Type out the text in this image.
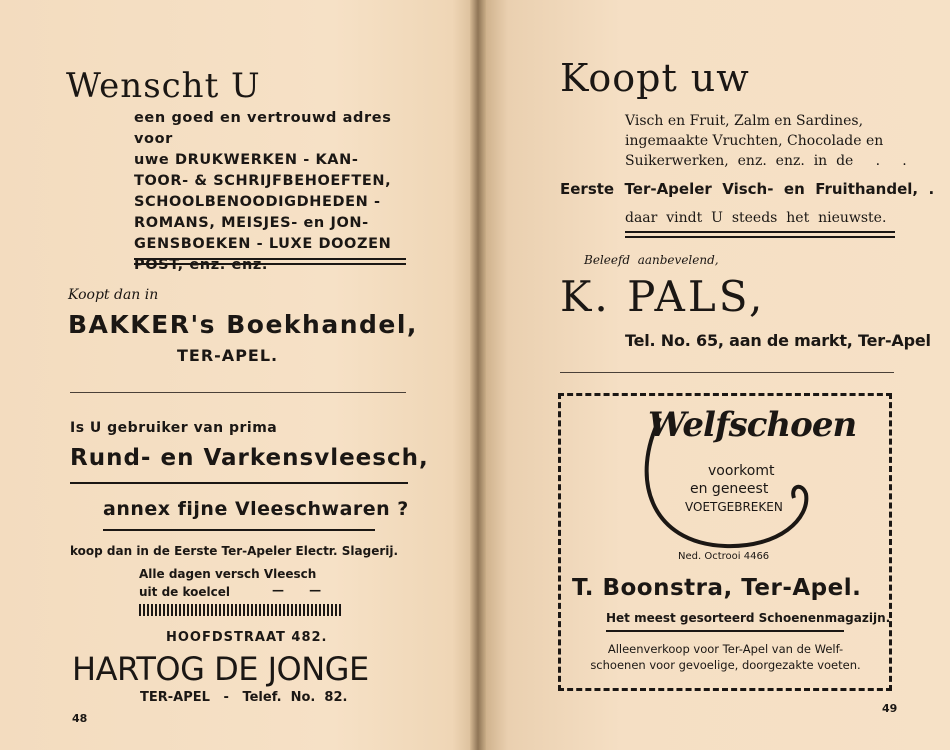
Wenscht U
een goed en vertrouwd adres voor
uwe DRUKWERKEN - KAN-
TOOR- & SCHRIJFBEHOEFTEN,
SCHOOLBENOODIGDHEDEN -
ROMANS, MEISJES- en JON-
GENSBOEKEN - LUXE DOOZEN
POST, enz. enz.
Koopt dan in
BAKKER's Boekhandel,
TER-APEL.
Is U gebruiker van prima
Rund- en Varkensvleesch,
annex fijne Vleeschwaren ?
koop dan in de Eerste Ter-Apeler Electr. Slagerij.
Alle dagen versch Vleesch
uit de koelcel	—      —
HOOFDSTRAAT 482.
HARTOG DE JONGE
TER-APEL   -   Telef.  No.  82.
48
Koopt uw
Visch en Fruit, Zalm en Sardines,
ingemaakte Vruchten, Chocolade en
Suikerwerken,  enz.  enz.  in  de     .     .
Eerste  Ter-Apeler  Visch-  en  Fruithandel,  .
daar  vindt  U  steeds  het  nieuwste.
Beleefd  aanbevelend,
K. PALS,
Tel. No. 65, aan de markt, Ter-Apel
Welfschoen
voorkomt
en geneest
VOETGEBREKEN
Ned. Octrooi 4466
T. Boonstra, Ter-Apel.
Het meest gesorteerd Schoenenmagazijn.
Alleenverkoop voor Ter-Apel van de Welf-
schoenen voor gevoelige, doorgezakte voeten.
49
